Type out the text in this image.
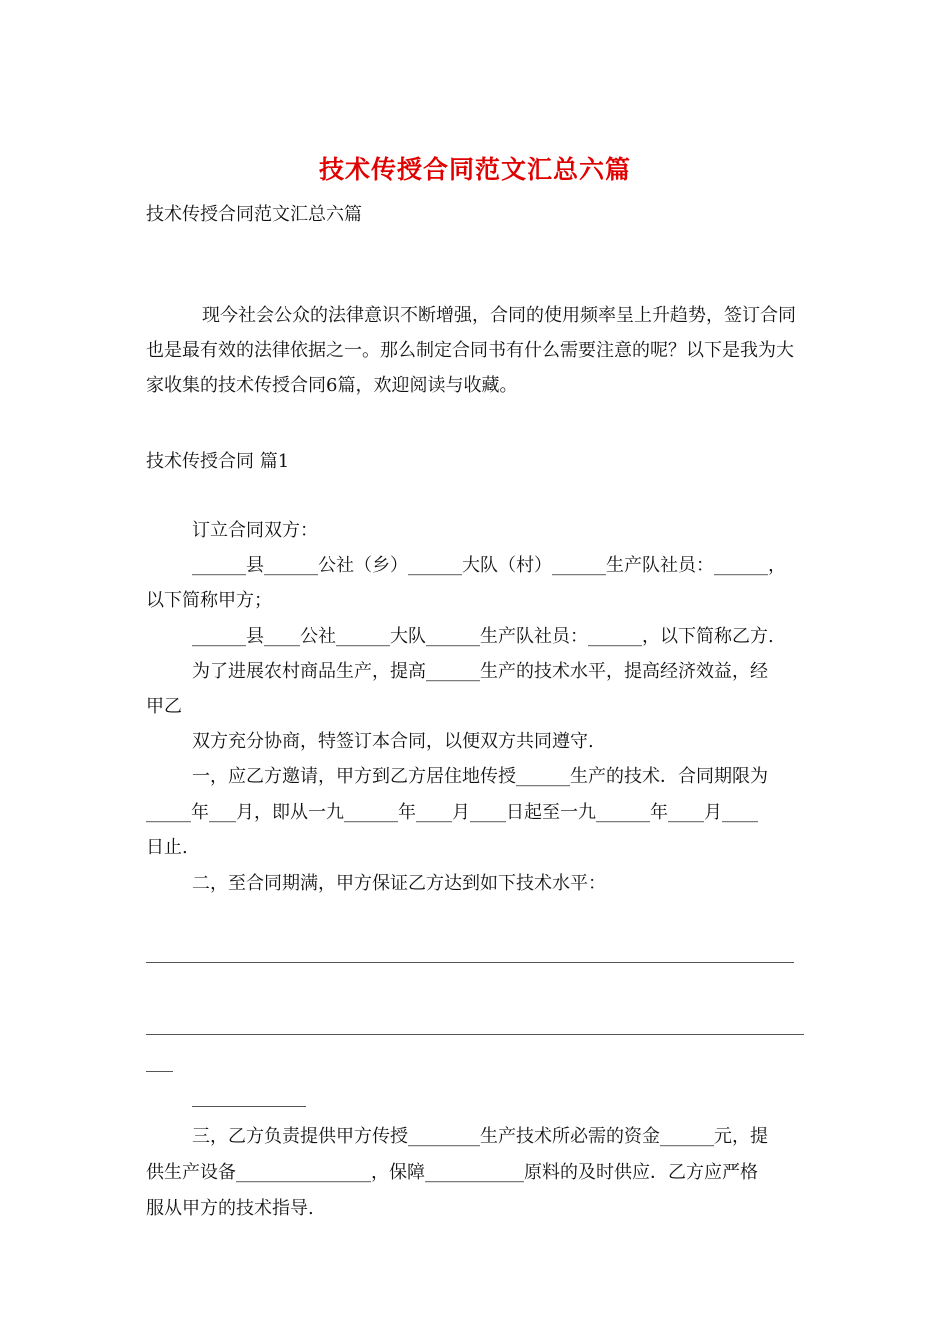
技术传授合同范文汇总六篇
技术传授合同范文汇总六篇
现今社会公众的法律意识不断增强，合同的使用频率呈上升趋势，签订合同也是最有效的法律依据之一。那么制定合同书有什么需要注意的呢？以下是我为大家收集的技术传授合同6篇，欢迎阅读与收藏。
技术传授合同 篇1
订立合同双方：
______县______公社（乡）______大队（村）______生产队社员：______，
以下简称甲方；
______县____公社______大队______生产队社员：______，以下简称乙方.
为了进展农村商品生产，提高______生产的技术水平，提高经济效益，经
甲乙
双方充分协商，特签订本合同，以便双方共同遵守.
一，应乙方邀请，甲方到乙方居住地传授______生产的技术．合同期限为
_____年___月，即从一九______年____月____日起至一九______年____月____
日止.
二，至合同期满，甲方保证乙方达到如下技术水平：
三，乙方负责提供甲方传授________生产技术所必需的资金______元，提
供生产设备_______________，保障___________原料的及时供应．乙方应严格
服从甲方的技术指导.
